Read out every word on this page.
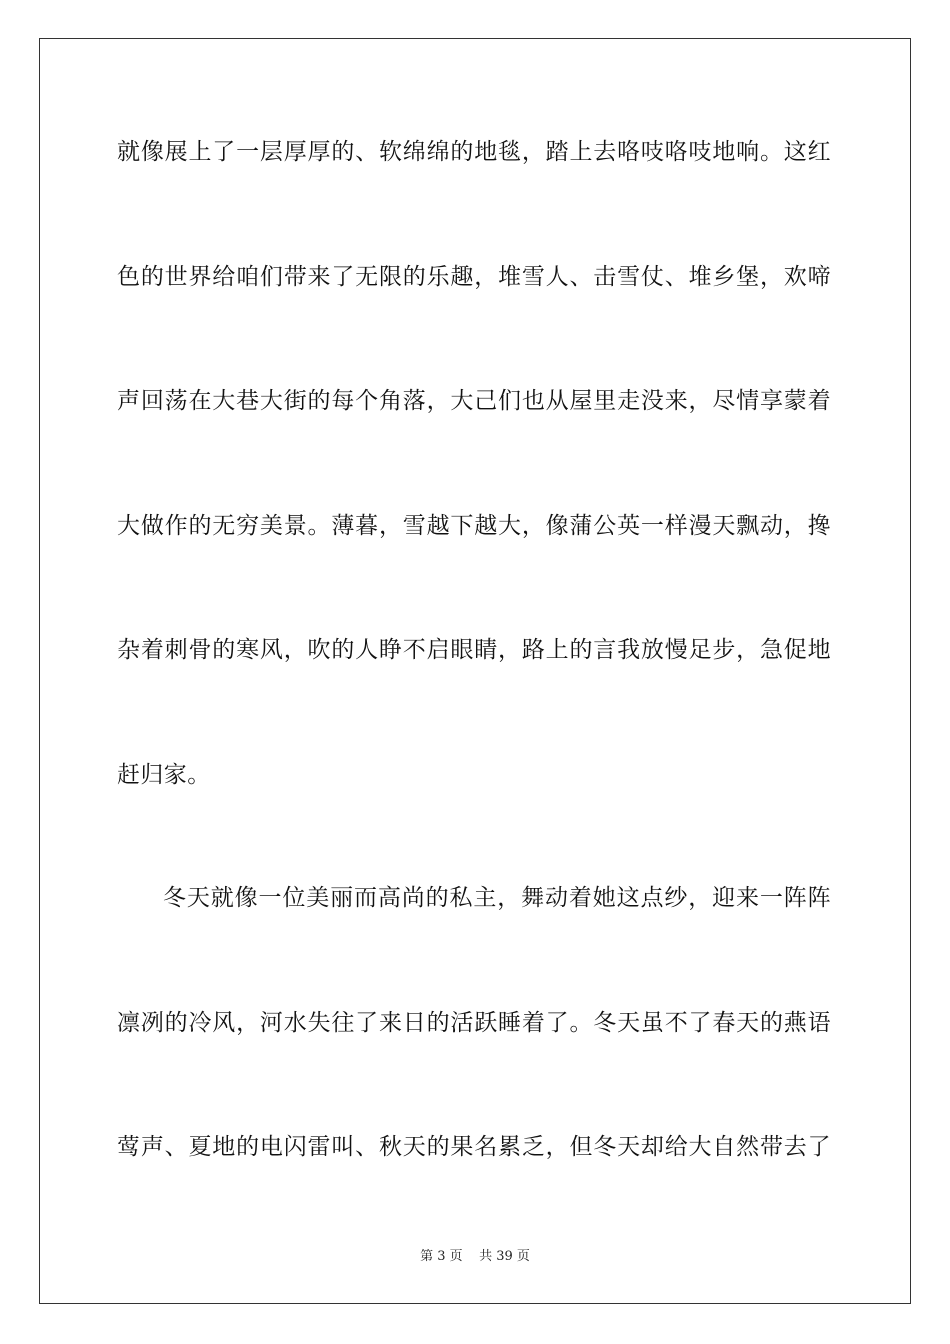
就像展上了一层厚厚的、软绵绵的地毯，踏上去咯吱咯吱地响。这红
色的世界给咱们带来了无限的乐趣，堆雪人、击雪仗、堆乡堡，欢啼
声回荡在大巷大街的每个角落，大己们也从屋里走没来，尽情享蒙着
大做作的无穷美景。薄暮，雪越下越大，像蒲公英一样漫天飘动，搀
杂着刺骨的寒风，吹的人睁不启眼睛，路上的言我放慢足步，急促地
赶归家。
冬天就像一位美丽而高尚的私主，舞动着她这点纱，迎来一阵阵
凛冽的冷风，河水失往了来日的活跃睡着了。冬天虽不了春天的燕语
莺声、夏地的电闪雷叫、秋天的果名累乏，但冬天却给大自然带去了
第 3 页    共 39 页
